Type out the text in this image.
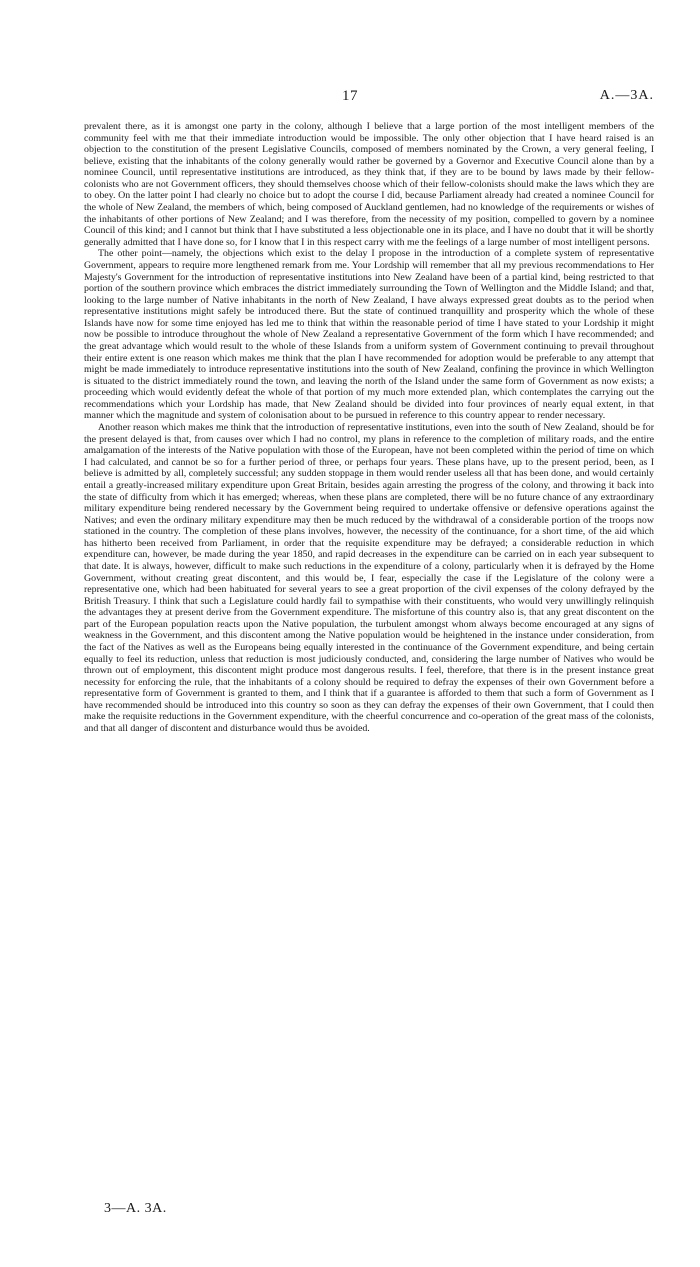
17	A.—3A.

prevalent there, as it is amongst one party in the colony, although I believe that a large portion of the most intelligent members of the community feel with me that their immediate introduction would be impossible. The only other objection that I have heard raised is an objection to the constitution of the present Legislative Councils, composed of members nominated by the Crown, a very general feeling, I believe, existing that the inhabitants of the colony generally would rather be governed by a Governor and Executive Council alone than by a nominee Council, until representative institutions are introduced, as they think that, if they are to be bound by laws made by their fellow-colonists who are not Government officers, they should themselves choose which of their fellow-colonists should make the laws which they are to obey. On the latter point I had clearly no choice but to adopt the course I did, because Parliament already had created a nominee Council for the whole of New Zealand, the members of which, being composed of Auckland gentlemen, had no knowledge of the requirements or wishes of the inhabitants of other portions of New Zealand; and I was therefore, from the necessity of my position, compelled to govern by a nominee Council of this kind; and I cannot but think that I have substituted a less objectionable one in its place, and I have no doubt that it will be shortly generally admitted that I have done so, for I know that I in this respect carry with me the feelings of a large number of most intelligent persons.

The other point—namely, the objections which exist to the delay I propose in the introduction of a complete system of representative Government, appears to require more lengthened remark from me. Your Lordship will remember that all my previous recommendations to Her Majesty's Government for the introduction of representative institutions into New Zealand have been of a partial kind, being restricted to that portion of the southern province which embraces the district immediately surrounding the Town of Wellington and the Middle Island; and that, looking to the large number of Native inhabitants in the north of New Zealand, I have always expressed great doubts as to the period when representative institutions might safely be introduced there. But the state of continued tranquillity and prosperity which the whole of these Islands have now for some time enjoyed has led me to think that within the reasonable period of time I have stated to your Lordship it might now be possible to introduce throughout the whole of New Zealand a representative Government of the form which I have recommended; and the great advantage which would result to the whole of these Islands from a uniform system of Government continuing to prevail throughout their entire extent is one reason which makes me think that the plan I have recommended for adoption would be preferable to any attempt that might be made immediately to introduce representative institutions into the south of New Zealand, confining the province in which Wellington is situated to the district immediately round the town, and leaving the north of the Island under the same form of Government as now exists; a proceeding which would evidently defeat the whole of that portion of my much more extended plan, which contemplates the carrying out the recommendations which your Lordship has made, that New Zealand should be divided into four provinces of nearly equal extent, in that manner which the magnitude and system of colonisation about to be pursued in reference to this country appear to render necessary.

Another reason which makes me think that the introduction of representative institutions, even into the south of New Zealand, should be for the present delayed is that, from causes over which I had no control, my plans in reference to the completion of military roads, and the entire amalgamation of the interests of the Native population with those of the European, have not been completed within the period of time on which I had calculated, and cannot be so for a further period of three, or perhaps four years. These plans have, up to the present period, been, as I believe is admitted by all, completely successful; any sudden stoppage in them would render useless all that has been done, and would certainly entail a greatly-increased military expenditure upon Great Britain, besides again arresting the progress of the colony, and throwing it back into the state of difficulty from which it has emerged; whereas, when these plans are completed, there will be no future chance of any extraordinary military expenditure being rendered necessary by the Government being required to undertake offensive or defensive operations against the Natives; and even the ordinary military expenditure may then be much reduced by the withdrawal of a considerable portion of the troops now stationed in the country. The completion of these plans involves, however, the necessity of the continuance, for a short time, of the aid which has hitherto been received from Parliament, in order that the requisite expenditure may be defrayed; a considerable reduction in which expenditure can, however, be made during the year 1850, and rapid decreases in the expenditure can be carried on in each year subsequent to that date. It is always, however, difficult to make such reductions in the expenditure of a colony, particularly when it is defrayed by the Home Government, without creating great discontent, and this would be, I fear, especially the case if the Legislature of the colony were a representative one, which had been habituated for several years to see a great proportion of the civil expenses of the colony defrayed by the British Treasury. I think that such a Legislature could hardly fail to sympathise with their constituents, who would very unwillingly relinquish the advantages they at present derive from the Government expenditure. The misfortune of this country also is, that any great discontent on the part of the European population reacts upon the Native population, the turbulent amongst whom always become encouraged at any signs of weakness in the Government, and this discontent among the Native population would be heightened in the instance under consideration, from the fact of the Natives as well as the Europeans being equally interested in the continuance of the Government expenditure, and being certain equally to feel its reduction, unless that reduction is most judiciously conducted, and, considering the large number of Natives who would be thrown out of employment, this discontent might produce most dangerous results. I feel, therefore, that there is in the present instance great necessity for enforcing the rule, that the inhabitants of a colony should be required to defray the expenses of their own Government before a representative form of Government is granted to them, and I think that if a guarantee is afforded to them that such a form of Government as I have recommended should be introduced into this country so soon as they can defray the expenses of their own Government, that I could then make the requisite reductions in the Government expenditure, with the cheerful concurrence and co-operation of the great mass of the colonists, and that all danger of discontent and disturbance would thus be avoided.

3—A. 3A.
